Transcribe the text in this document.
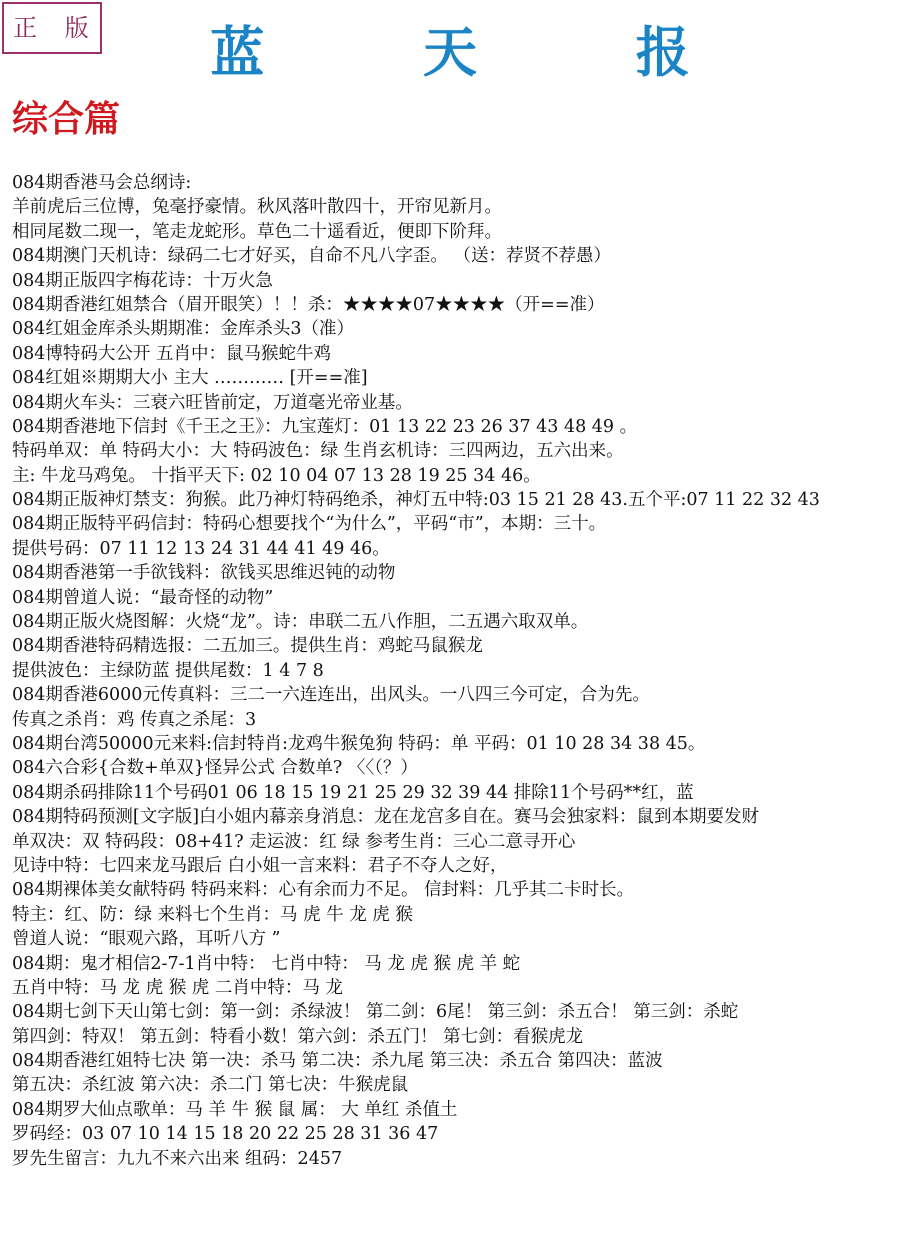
正 版	蓝 天 报
综合篇
084期香港马会总纲诗:
羊前虎后三位博，兔毫抒豪情。秋风落叶散四十，开帘见新月。
相同尾数二现一，笔走龙蛇形。草色二十遥看近，便即下阶拜。
084期澳门天机诗：绿码二七才好买，自命不凡八字歪。 （送：荐贤不荐愚）
084期正版四字梅花诗：十万火急
084期香港红姐禁合（眉开眼笑）！！杀：★★★★07★★★★（开==准）
084红姐金库杀头期期准：金库杀头3（准）
084博特码大公开 五肖中：鼠马猴蛇牛鸡
084红姐※期期大小 主大 ………… [开==准]
084期火车头：三衰六旺皆前定，万道毫光帝业基。
084期香港地下信封《千王之王》：九宝莲灯：01 13 22 23 26 37 43 48 49 。
特码单双：单 特码大小：大 特码波色：绿 生肖玄机诗：三四两边，五六出来。
主: 牛龙马鸡兔。 十指平天下: 02 10 04 07 13 28 19 25 34 46。
084期正版神灯禁支：狗猴。此乃神灯特码绝杀，神灯五中特:03 15 21 28 43.五个平:07 11 22 32 43
084期正版特平码信封：特码心想要找个“为什么”，平码“市”，本期：三十。
提供号码：07 11 12 13 24 31 44 41 49 46。
084期香港第一手欲钱料：欲钱买思维迟钝的动物
084期曾道人说：“最奇怪的动物”
084期正版火烧图解：火烧“龙”。诗：串联二五八作胆，二五遇六取双单。
084期香港特码精选报：二五加三。提供生肖：鸡蛇马鼠猴龙
提供波色：主绿防蓝 提供尾数：1 4 7 8
084期香港6000元传真料：三二一六连连出，出风头。一八四三今可定，合为先。
传真之杀肖：鸡 传真之杀尾：3
084期台湾50000元来料:信封特肖:龙鸡牛猴兔狗 特码：单 平码：01 10 28 34 38 45。
084六合彩{合数+单双}怪异公式 合数单? 〈〈（？）
084期杀码排除11个号码01 06 18 15 19 21 25 29 32 39 44 排除11个号码**红，蓝
084期特码预测[文字版]白小姐内幕亲身消息：龙在龙宫多自在。赛马会独家料：鼠到本期要发财
单双决：双 特码段：08+41? 走运波：红 绿 参考生肖：三心二意寻开心
见诗中特：七四来龙马跟后 白小姐一言来料：君子不夺人之好，
084期裸体美女献特码 特码来料：心有余而力不足。 信封料：几乎其二卡时长。
特主：红、防：绿 来料七个生肖：马 虎 牛 龙 虎 猴
曾道人说：“眼观六路，耳听八方 ”
084期：鬼才相信2-7-1肖中特： 七肖中特： 马 龙 虎 猴 虎 羊 蛇
五肖中特：马 龙 虎 猴 虎 二肖中特：马 龙
084期七剑下天山第七剑：第一剑：杀绿波！ 第二剑：6尾！ 第三剑：杀五合！ 第三剑：杀蛇
第四剑：特双！ 第五剑：特看小数！第六剑：杀五门！ 第七剑：看猴虎龙
084期香港红姐特七决 第一决：杀马 第二决：杀九尾 第三决：杀五合 第四决：蓝波
第五决：杀红波 第六决：杀二门 第七决：牛猴虎鼠
084期罗大仙点歌单：马 羊 牛 猴 鼠 属： 大 单红 杀值土
罗码经：03 07 10 14 15 18 20 22 25 28 31 36 47
罗先生留言：九九不来六出来 组码：2457
